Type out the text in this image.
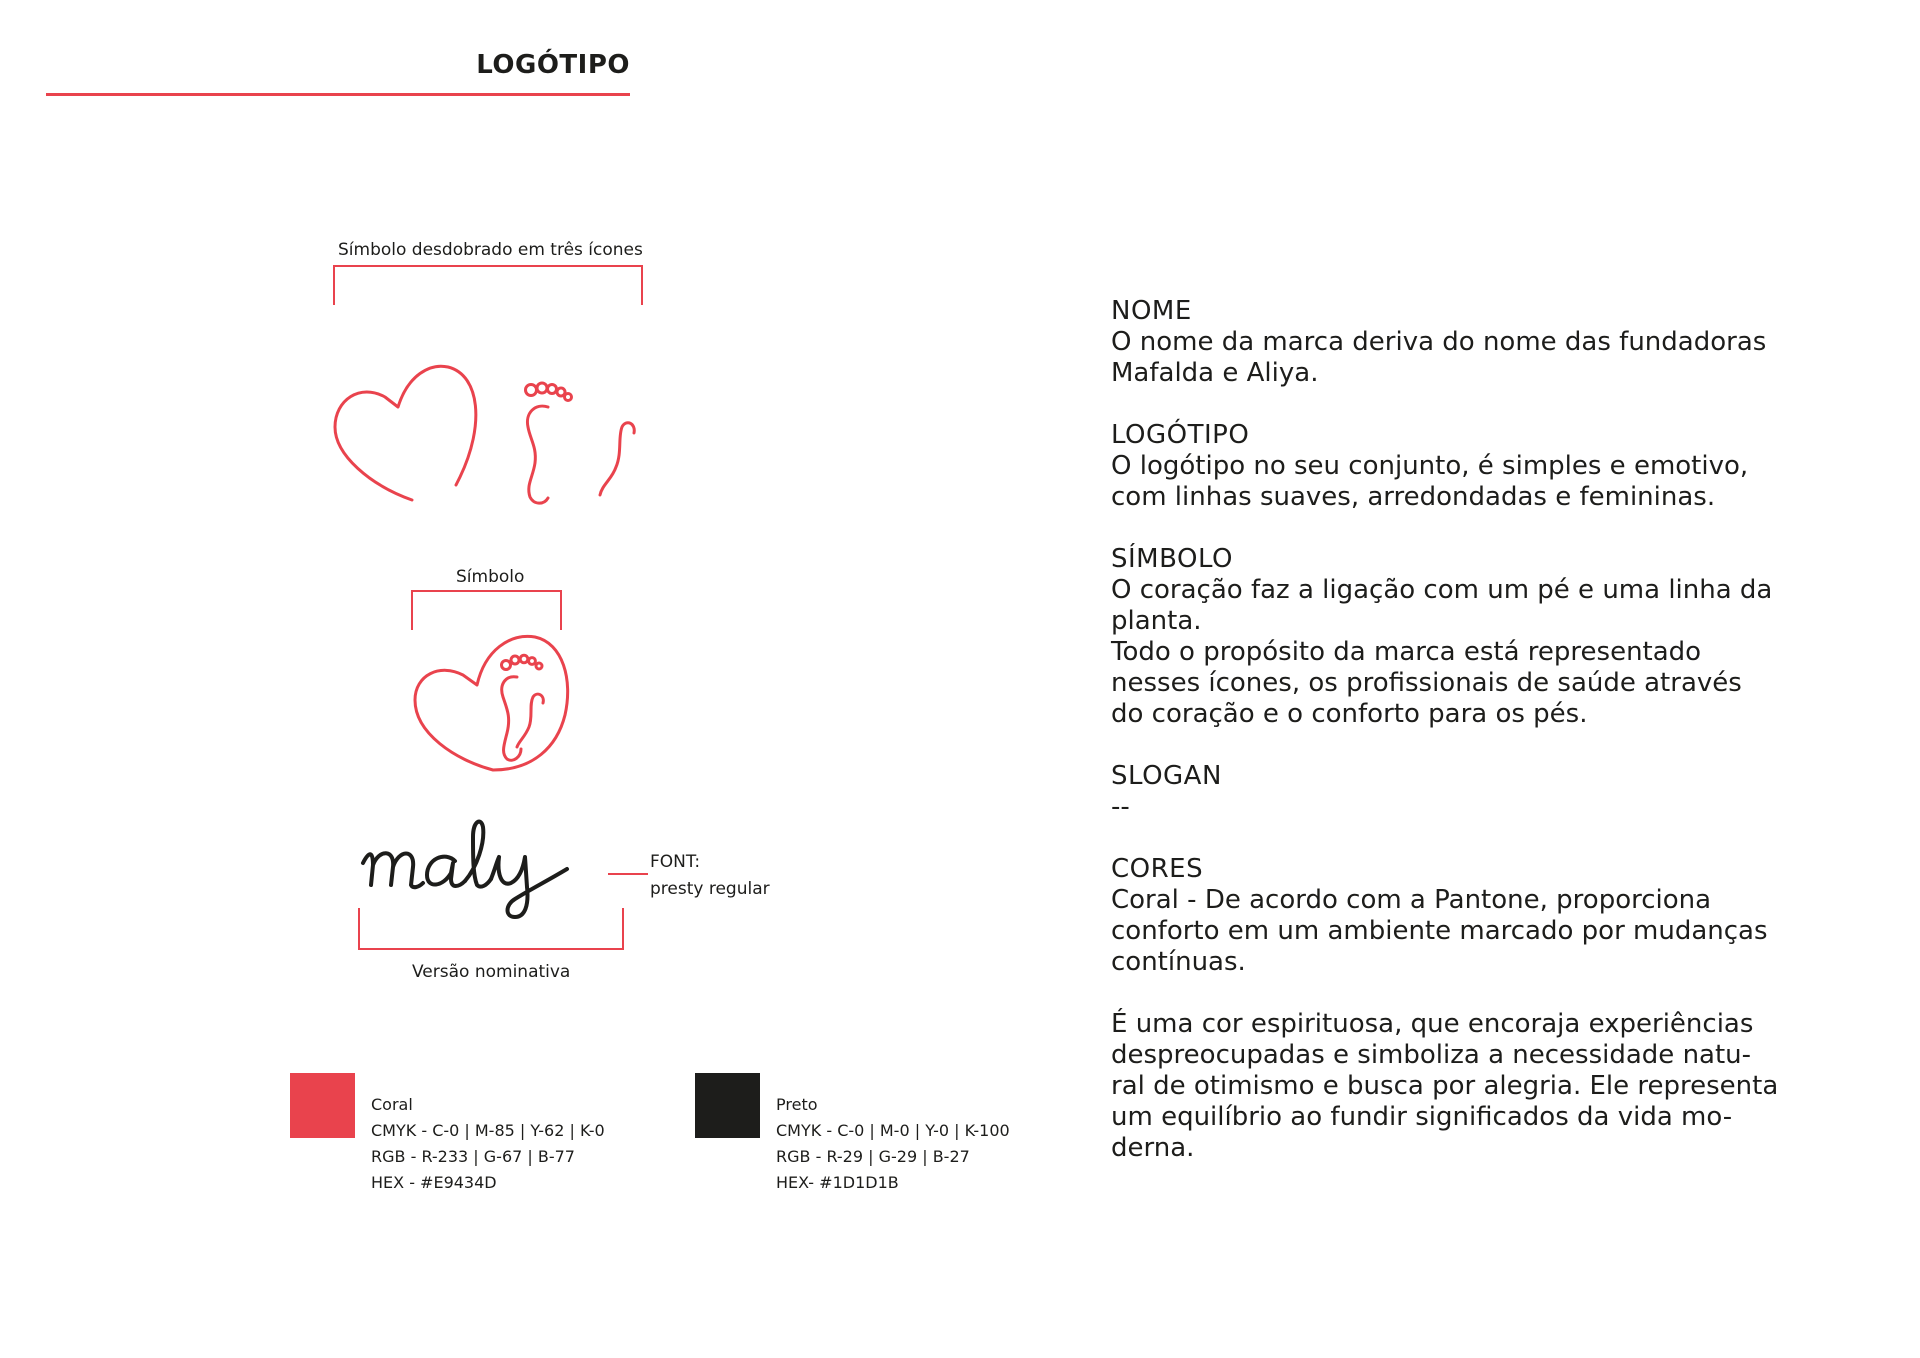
LOGÓTIPO
Símbolo desdobrado em três ícones
Símbolo
FONT:
presty regular
Versão nominativa
Coral
CMYK - C-0 | M-85 | Y-62 | K-0
RGB - R-233 | G-67 | B-77
HEX - #E9434D
Preto
CMYK - C-0 | M-0 | Y-0 | K-100
RGB - R-29 | G-29 | B-27
HEX- #1D1D1B
NOME

O nome da marca deriva do nome das fundadoras

Mafalda e Aliya.

LOGÓTIPO

O logótipo no seu conjunto, é simples e emotivo,

com linhas suaves, arredondadas e femininas.

SÍMBOLO

O coração faz a ligação com um pé e uma linha da

planta.

Todo o propósito da marca está representado

nesses ícones, os profissionais de saúde através

do coração e o conforto para os pés.

SLOGAN

--

CORES

Coral - De acordo com a Pantone, proporciona

conforto em um ambiente marcado por mudanças

contínuas.

É uma cor espirituosa, que encoraja experiências

despreocupadas e simboliza a necessidade natu-

ral de otimismo e busca por alegria. Ele representa

um equilíbrio ao fundir significados da vida mo-

derna.
